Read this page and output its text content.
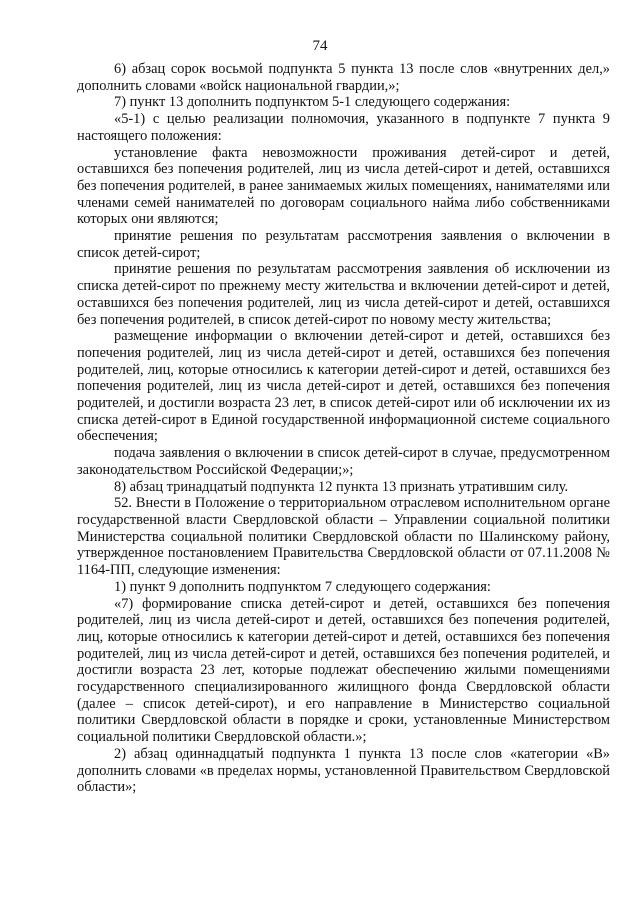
74

6) абзац сорок восьмой подпункта 5 пункта 13 после слов «внутренних дел,» дополнить словами «войск национальной гвардии,»;

7) пункт 13 дополнить подпунктом 5-1 следующего содержания:

«5-1) с целью реализации полномочия, указанного в подпункте 7 пункта 9 настоящего положения:

установление факта невозможности проживания детей-сирот и детей, оставшихся без попечения родителей, лиц из числа детей-сирот и детей, оставшихся без попечения родителей, в ранее занимаемых жилых помещениях, нанимателями или членами семей нанимателей по договорам социального найма либо собственниками которых они являются;

принятие решения по результатам рассмотрения заявления о включении в список детей-сирот;

принятие решения по результатам рассмотрения заявления об исключении из списка детей-сирот по прежнему месту жительства и включении детей-сирот и детей, оставшихся без попечения родителей, лиц из числа детей-сирот и детей, оставшихся без попечения родителей, в список детей-сирот по новому месту жительства;

размещение информации о включении детей-сирот и детей, оставшихся без попечения родителей, лиц из числа детей-сирот и детей, оставшихся без попечения родителей, лиц, которые относились к категории детей-сирот и детей, оставшихся без попечения родителей, лиц из числа детей-сирот и детей, оставшихся без попечения родителей, и достигли возраста 23 лет, в список детей-сирот или об исключении их из списка детей-сирот в Единой государственной информационной системе социального обеспечения;

подача заявления о включении в список детей-сирот в случае, предусмотренном законодательством Российской Федерации;»;

8) абзац тринадцатый подпункта 12 пункта 13 признать утратившим силу.

52. Внести в Положение о территориальном отраслевом исполнительном органе государственной власти Свердловской области – Управлении социальной политики Министерства социальной политики Свердловской области по Шалинскому району, утвержденное постановлением Правительства Свердловской области от 07.11.2008 № 1164-ПП, следующие изменения:

1) пункт 9 дополнить подпунктом 7 следующего содержания:

«7) формирование списка детей-сирот и детей, оставшихся без попечения родителей, лиц из числа детей-сирот и детей, оставшихся без попечения родителей, лиц, которые относились к категории детей-сирот и детей, оставшихся без попечения родителей, лиц из числа детей-сирот и детей, оставшихся без попечения родителей, и достигли возраста 23 лет, которые подлежат обеспечению жилыми помещениями государственного специализированного жилищного фонда Свердловской области (далее – список детей-сирот), и его направление в Министерство социальной политики Свердловской области в порядке и сроки, установленные Министерством социальной политики Свердловской области.»;

2) абзац одиннадцатый подпункта 1 пункта 13 после слов «категории «В» дополнить словами «в пределах нормы, установленной Правительством Свердловской области»;
